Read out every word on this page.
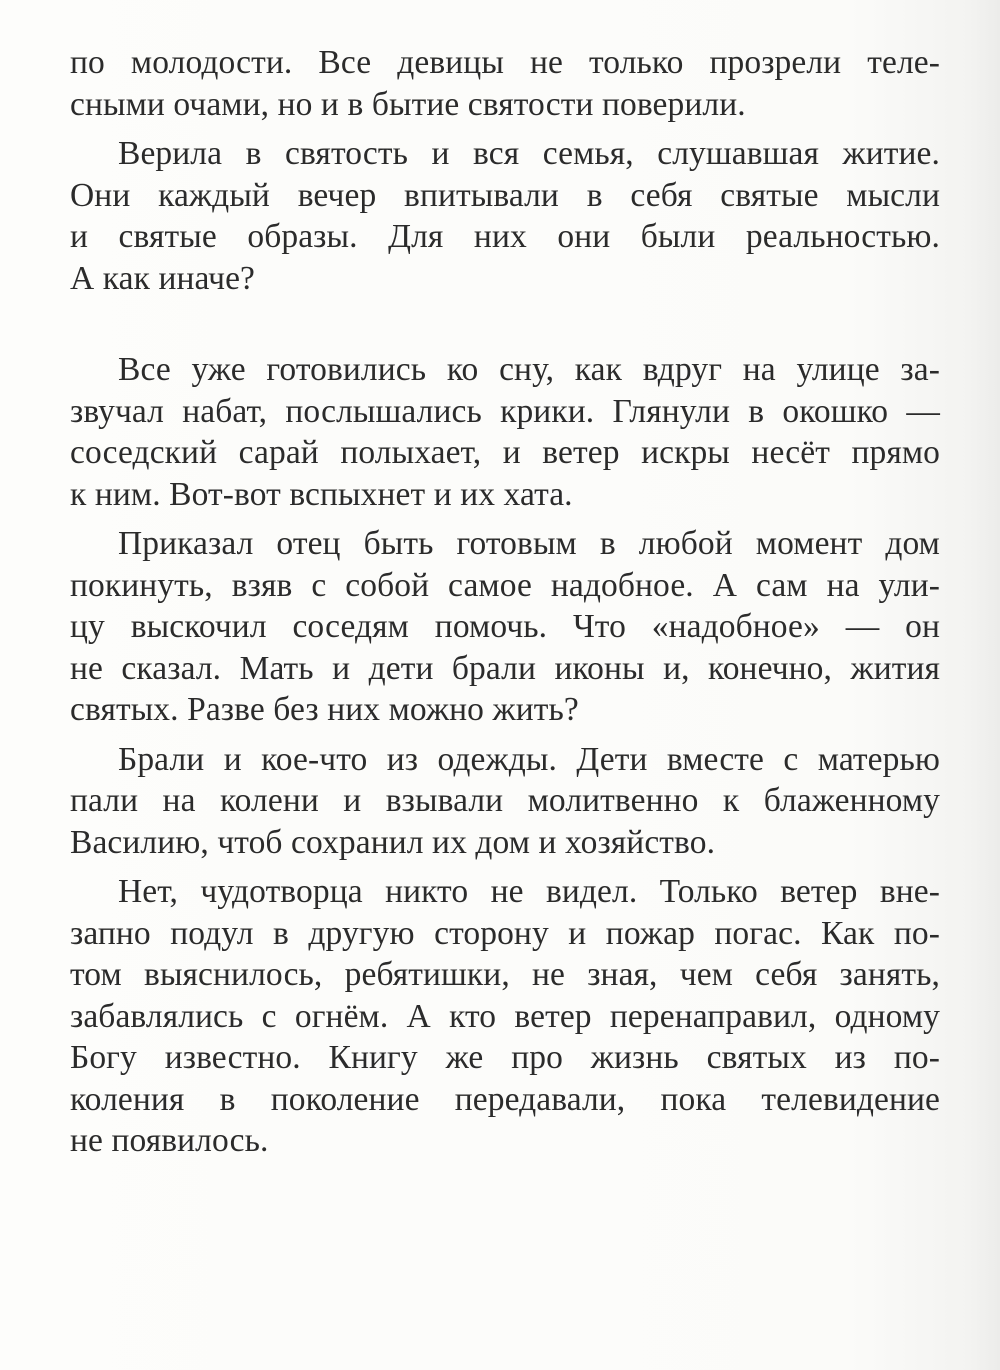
по молодости. Все девицы не только прозрели теле-
сными очами, но и в бытие святости поверили.
Верила в святость и вся семья, слушавшая житие.
Они каждый вечер впитывали в себя святые мысли
и святые образы. Для них они были реальностью.
А как иначе?
Все уже готовились ко сну, как вдруг на улице за-
звучал набат, послышались крики. Глянули в окошко —
соседский сарай полыхает, и ветер искры несёт прямо
к ним. Вот-вот вспыхнет и их хата.
Приказал отец быть готовым в любой момент дом
покинуть, взяв с собой самое надобное. А сам на ули-
цу выскочил соседям помочь. Что «надобное» — он
не сказал. Мать и дети брали иконы и, конечно, жития
святых. Разве без них можно жить?
Брали и кое-что из одежды. Дети вместе с матерью
пали на колени и взывали молитвенно к блаженному
Василию, чтоб сохранил их дом и хозяйство.
Нет, чудотворца никто не видел. Только ветер вне-
запно подул в другую сторону и пожар погас. Как по-
том выяснилось, ребятишки, не зная, чем себя занять,
забавлялись с огнём. А кто ветер перенаправил, одному
Богу известно. Книгу же про жизнь святых из по-
коления в поколение передавали, пока телевидение
не появилось.
